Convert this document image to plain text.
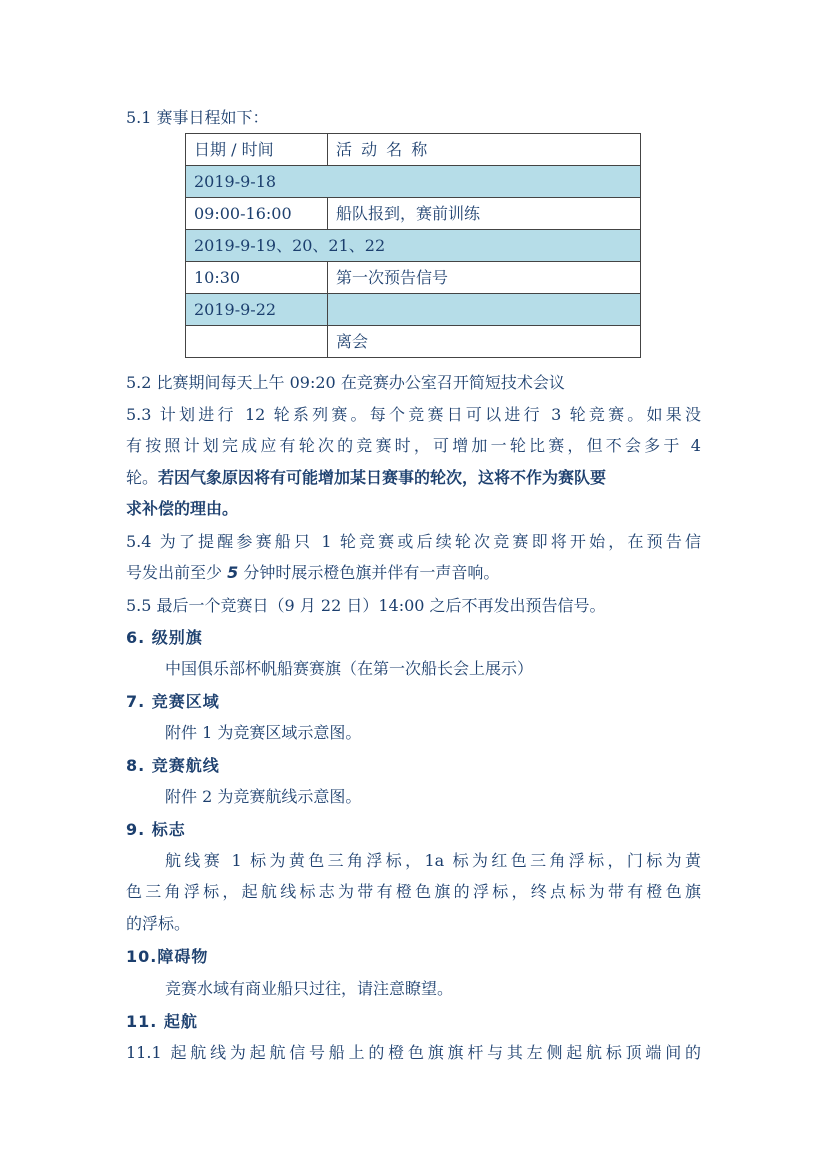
5.1 赛事日程如下：
日期 / 时间	活 动 名 称
2019-9-18	
09:00-16:00	船队报到，赛前训练
2019-9-19、20、21、22	
10:30	第一次预告信号
2019-9-22	
	离会
5.2 比赛期间每天上午 09:20 在竞赛办公室召开简短技术会议
5.3 计划进行 12 轮系列赛。每个竞赛日可以进行 3 轮竞赛。如果没
有按照计划完成应有轮次的竞赛时，可增加一轮比赛，但不会多于 4
轮。若因气象原因将有可能增加某日赛事的轮次，这将不作为赛队要
求补偿的理由。
5.4 为了提醒参赛船只 1 轮竞赛或后续轮次竞赛即将开始，在预告信
号发出前至少 5 分钟时展示橙色旗并伴有一声音响。
5.5 最后一个竞赛日（9 月 22 日）14:00 之后不再发出预告信号。
6. 级别旗
中国俱乐部杯帆船赛赛旗（在第一次船长会上展示）
7. 竞赛区域
附件 1 为竞赛区域示意图。
8. 竞赛航线
附件 2 为竞赛航线示意图。
9. 标志
航线赛 1 标为黄色三角浮标，1a 标为红色三角浮标，门标为黄
色三角浮标，起航线标志为带有橙色旗的浮标，终点标为带有橙色旗
的浮标。
10.障碍物
竞赛水域有商业船只过往，请注意瞭望。
11. 起航
11.1 起航线为起航信号船上的橙色旗旗杆与其左侧起航标顶端间的
